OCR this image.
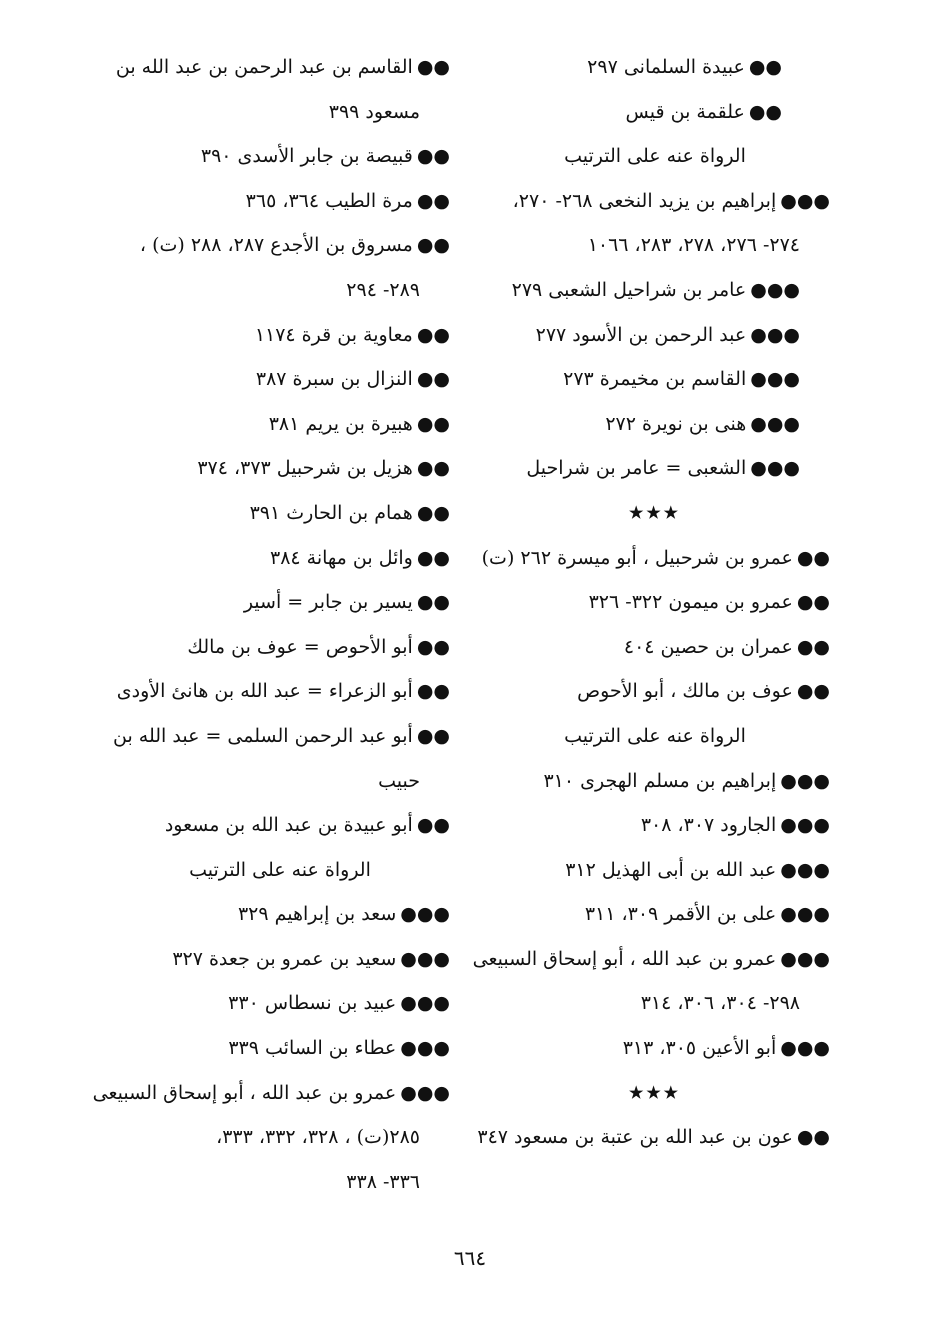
●●عبيدة السلمانى ٢٩٧
●●علقمة بن قيس
الرواة عنه على الترتيب
●●●إبراهيم بن يزيد النخعى ٢٦٨- ٢٧٠،
٢٧٤- ٢٧٦، ٢٧٨، ٢٨٣، ١٠٦٦
●●●عامر بن شراحيل الشعبى ٢٧٩
●●●عبد الرحمن بن الأسود ٢٧٧
●●●القاسم بن مخيمرة ٢٧٣
●●●هنى بن نويرة ٢٧٢
●●●الشعبى = عامر بن شراحيل
★★★
●●عمرو بن شرحبيل ، أبو ميسرة ٢٦٢ (ت)
●●عمرو بن ميمون ٣٢٢- ٣٢٦
●●عمران بن حصين ٤٠٤
●●عوف بن مالك ، أبو الأحوص
الرواة عنه على الترتيب
●●●إبراهيم بن مسلم الهجرى ٣١٠
●●●الجارود ٣٠٧، ٣٠٨
●●●عبد الله بن أبى الهذيل ٣١٢
●●●على بن الأقمر ٣٠٩، ٣١١
●●●عمرو بن عبد الله ، أبو إسحاق السبيعى
٢٩٨- ٣٠٤، ٣٠٦، ٣١٤
●●●أبو الأعين ٣٠٥، ٣١٣
★★★
●●عون بن عبد الله بن عتبة بن مسعود ٣٤٧
●●القاسم بن عبد الرحمن بن عبد الله بن
مسعود ٣٩٩
●●قبيصة بن جابر الأسدى ٣٩٠
●●مرة الطيب ٣٦٤، ٣٦٥
●●مسروق بن الأجدع ٢٨٧، ٢٨٨ (ت) ،
٢٨٩- ٢٩٤
●●معاوية بن قرة ١١٧٤
●●النزال بن سبرة ٣٨٧
●●هبيرة بن يريم ٣٨١
●●هزيل بن شرحبيل ٣٧٣، ٣٧٤
●●همام بن الحارث ٣٩١
●●وائل بن مهانة ٣٨٤
●●يسير بن جابر = أسير
●●أبو الأحوص = عوف بن مالك
●●أبو الزعراء = عبد الله بن هانئ الأودى
●●أبو عبد الرحمن السلمى = عبد الله بن
حبيب
●●أبو عبيدة بن عبد الله بن مسعود
الرواة عنه على الترتيب
●●●سعد بن إبراهيم ٣٢٩
●●●سعيد بن عمرو بن جعدة ٣٢٧
●●●عبيد بن نسطاس ٣٣٠
●●●عطاء بن السائب ٣٣٩
●●●عمرو بن عبد الله ، أبو إسحاق السبيعى
٢٨٥(ت) ، ٣٢٨، ٣٣٢، ٣٣٣،
٣٣٦- ٣٣٨
٦٦٤
